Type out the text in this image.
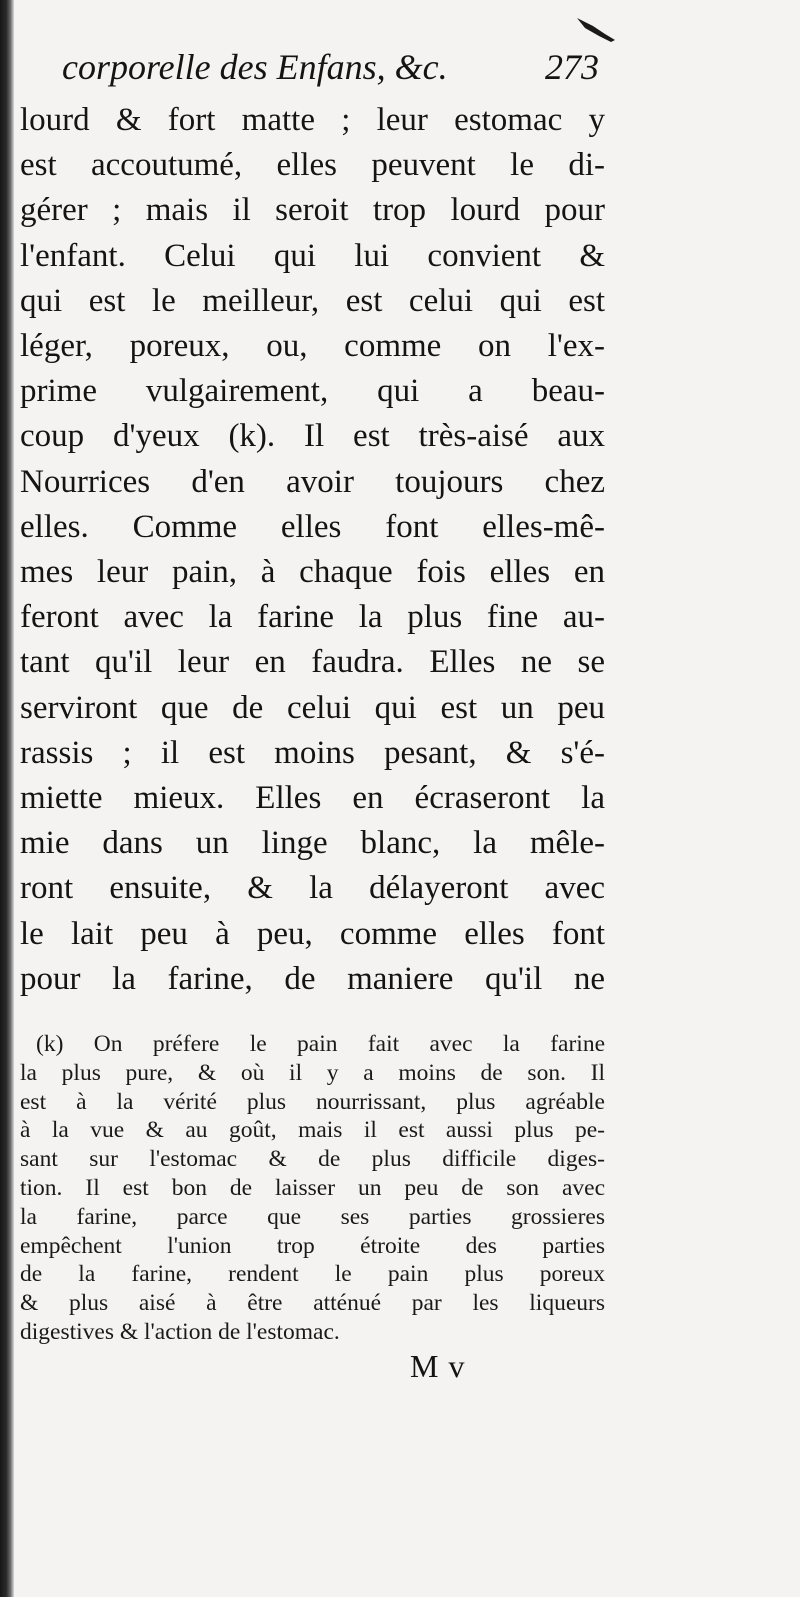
corporelle des Enfans, &c.	273
lourd & fort matte ; leur estomac y
est accoutumé, elles peuvent le di-
gérer ; mais il seroit trop lourd pour
l'enfant. Celui qui lui convient &
qui est le meilleur, est celui qui est
léger, poreux, ou, comme on l'ex-
prime vulgairement, qui a beau-
coup d'yeux (k). Il est très-aisé aux
Nourrices d'en avoir toujours chez
elles. Comme elles font elles-mê-
mes leur pain, à chaque fois elles en
feront avec la farine la plus fine au-
tant qu'il leur en faudra. Elles ne se
serviront que de celui qui est un peu
rassis ; il est moins pesant, & s'é-
miette mieux. Elles en écraseront la
mie dans un linge blanc, la mêle-
ront ensuite, & la délayeront avec
le lait peu à peu, comme elles font
pour la farine, de maniere qu'il ne
(k) On préfere le pain fait avec la farine
la plus pure, & où il y a moins de son. Il
est à la vérité plus nourrissant, plus agréable
à la vue & au goût, mais il est aussi plus pe-
sant sur l'estomac & de plus difficile diges-
tion. Il est bon de laisser un peu de son avec
la farine, parce que ses parties grossieres
empêchent l'union trop étroite des parties
de la farine, rendent le pain plus poreux
& plus aisé à être atténué par les liqueurs
digestives & l'action de l'estomac.
M v
